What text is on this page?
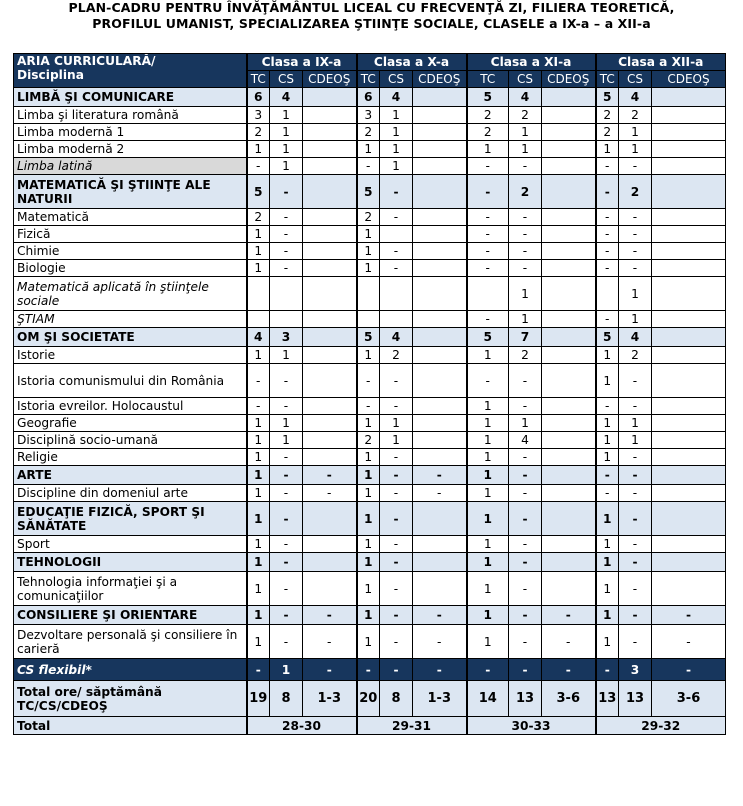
PLAN-CADRU PENTRU ÎNVĂŢĂMÂNTUL LICEAL CU FRECVENŢĂ ZI, FILIERA TEORETICĂ,
PROFILUL UMANIST, SPECIALIZAREA ŞTIINŢE SOCIALE, CLASELE a IX-a – a XII-a
ARIA CURRICULARĂ/
Disciplina	Clasa a IX-a			Clasa a X-a			Clasa a XI-a			Clasa a XII-a		
	TC	CS	CDEOŞ	TC	CS	CDEOŞ	TC	CS	CDEOŞ	TC	CS	CDEOŞ
LIMBĂ ŞI COMUNICARE	6	4		6	4		5	4		5	4	
Limba şi literatura română	3	1		3	1		2	2		2	2	
Limba modernă 1	2	1		2	1		2	1		2	1	
Limba modernă 2	1	1		1	1		1	1		1	1	
Limba latină	-	1		-	1		-	-		-	-	
MATEMATICĂ ŞI ŞTIINŢE ALE NATURII	5	-		5	-		-	2		-	2	
Matematică	2	-		2	-		-	-		-	-	
Fizică	1	-		1			-	-		-	-	
Chimie	1	-		1	-		-	-		-	-	
Biologie	1	-		1	-		-	-		-	-	
Matematică aplicată în ştiinţele sociale								1			1	
ŞTIAM							-	1		-	1	
OM ŞI SOCIETATE	4	3		5	4		5	7		5	4	
Istorie	1	1		1	2		1	2		1	2	
Istoria comunismului din România	-	-		-	-		-	-		1	-	
Istoria evreilor. Holocaustul	-	-		-	-		1	-		-	-	
Geografie	1	1		1	1		1	1		1	1	
Disciplină socio-umană	1	1		2	1		1	4		1	1	
Religie	1	-		1	-		1	-		1	-	
ARTE	1	-	-	1	-	-	1	-		-	-	
Discipline din domeniul arte	1	-	-	1	-	-	1	-		-	-	
EDUCAŢIE FIZICĂ, SPORT ŞI SĂNĂTATE	1	-		1	-		1	-		1	-	
Sport	1	-		1	-		1	-		1	-	
TEHNOLOGII	1	-		1	-		1	-		1	-	
Tehnologia informaţiei şi a comunicaţiilor	1	-		1	-		1	-		1	-	
CONSILIERE ŞI ORIENTARE	1	-	-	1	-	-	1	-	-	1	-	-
Dezvoltare personală şi consiliere în carieră	1	-	-	1	-	-	1	-	-	1	-	-
CS flexibil*	-	1	-	-	-	-	-	-	-	-	3	-
Total ore/ săptămână TC/CS/CDEOŞ	19	8	1-3	20	8	1-3	14	13	3-6	13	13	3-6
Total	28-30			29-31			30-33			29-32		
